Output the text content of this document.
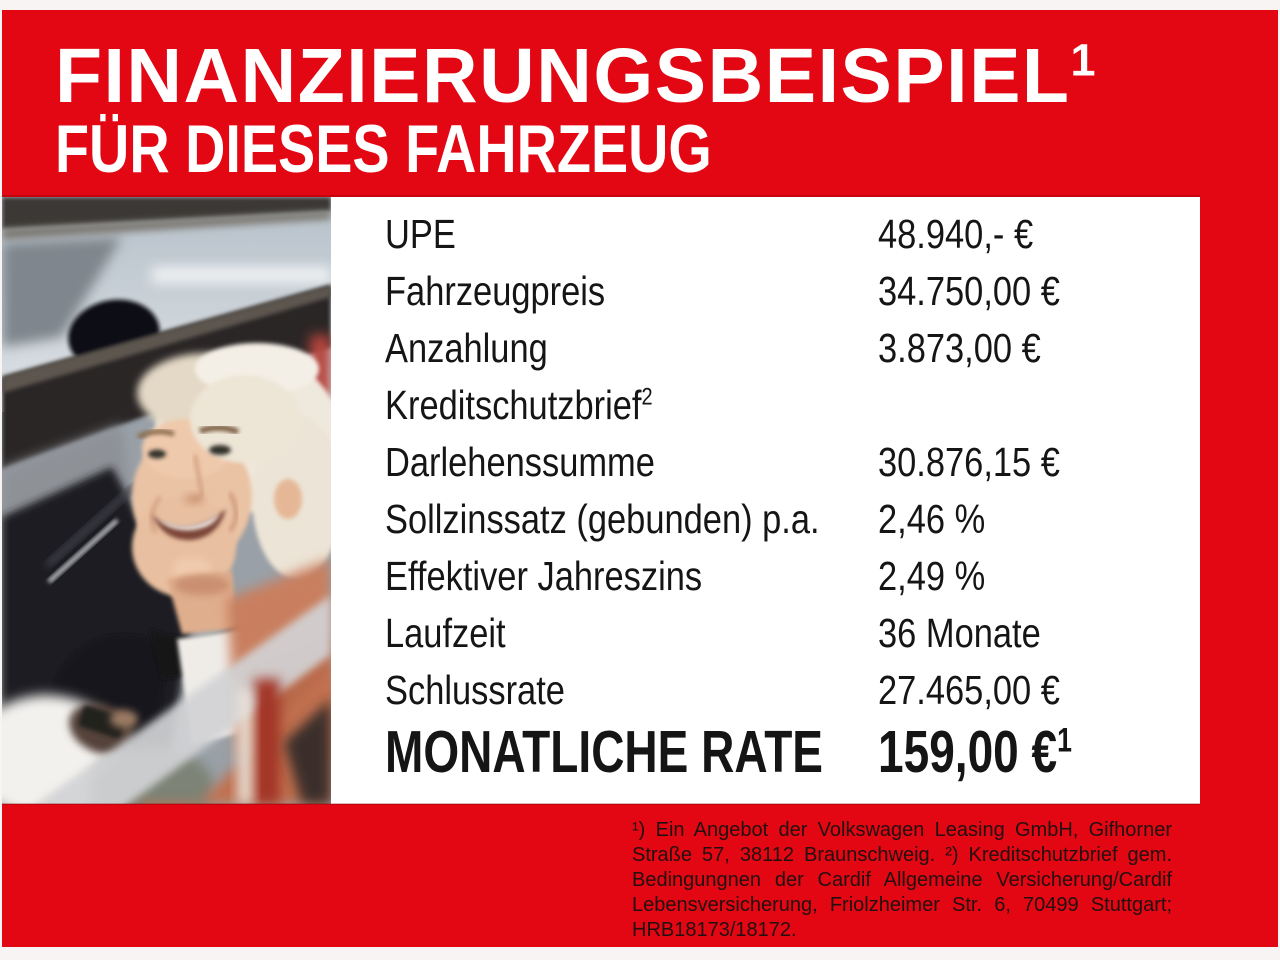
FINANZIERUNGSBEISPIEL$^1$
FÜR DIESES FAHRZEUG
UPE	48.940,- €
Fahrzeugpreis	34.750,00 €
Anzahlung	3.873,00 €
Kreditschutzbrief$^2$
Darlehenssumme	30.876,15 €
Sollzinssatz (gebunden) p.a.	2,46 %
Effektiver Jahreszins	2,49 %
Laufzeit	36 Monate
Schlussrate	27.465,00 €
MONATLICHE RATE 159,00 €$^1$
¹) Ein Angebot der Volkswagen Leasing GmbH, Gifhorner
Straße 57, 38112 Braunschweig. ²) Kreditschutzbrief gem.
Bedingungnen der Cardif Allgemeine Versicherung/Cardif
Lebensversicherung, Friolzheimer Str. 6, 70499 Stuttgart;
HRB18173/18172.
